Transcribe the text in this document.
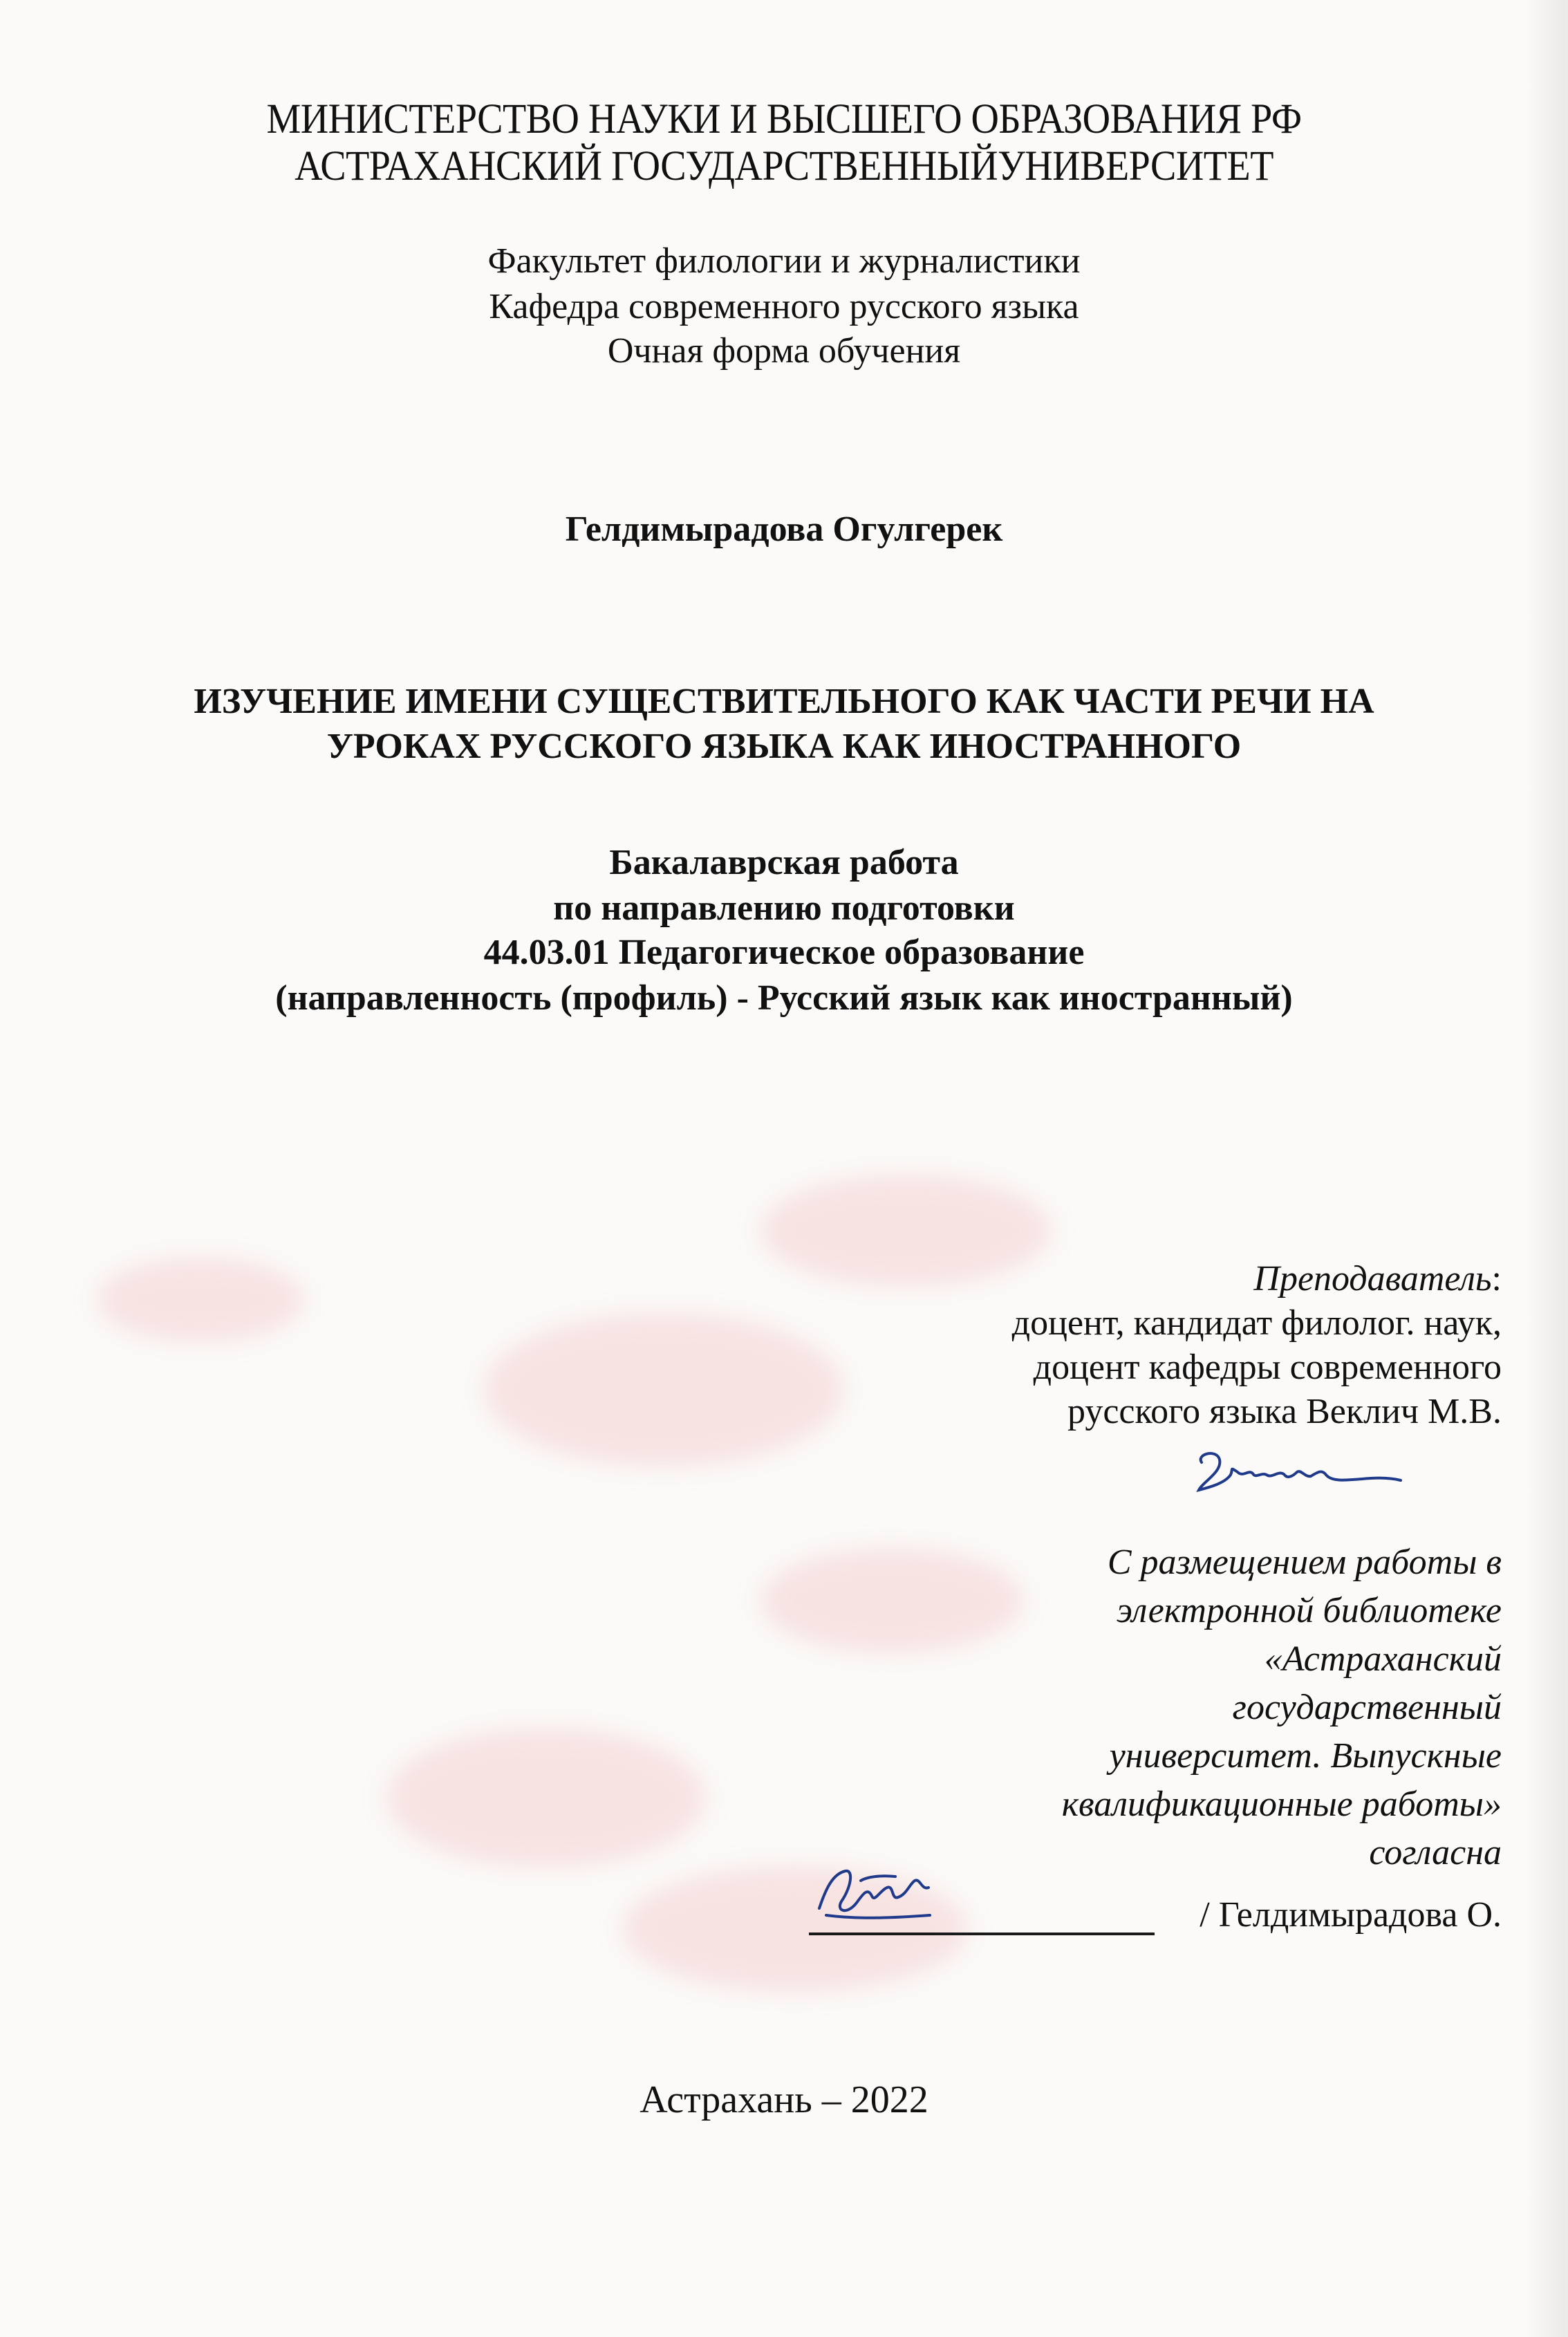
МИНИСТЕРСТВО НАУКИ И ВЫСШЕГО ОБРАЗОВАНИЯ РФ
АСТРАХАНСКИЙ ГОСУДАРСТВЕННЫЙУНИВЕРСИТЕТ
Факультет филологии и журналистики
Кафедра современного русского языка
Очная форма обучения
Гелдимырадова Огулгерек
ИЗУЧЕНИЕ ИМЕНИ СУЩЕСТВИТЕЛЬНОГО КАК ЧАСТИ РЕЧИ НА
УРОКАХ РУССКОГО ЯЗЫКА КАК ИНОСТРАННОГО
Бакалаврская работа
по направлению подготовки
44.03.01 Педагогическое образование
(направленность (профиль) - Русский язык как иностранный)
Преподаватель:
доцент, кандидат филолог. наук,
доцент кафедры современного
русского языка Веклич М.В.
С размещением работы в
электронной библиотеке
«Астраханский
государственный
университет. Выпускные
квалификационные работы»
согласна
/ Гелдимырадова О.
Астрахань – 2022
